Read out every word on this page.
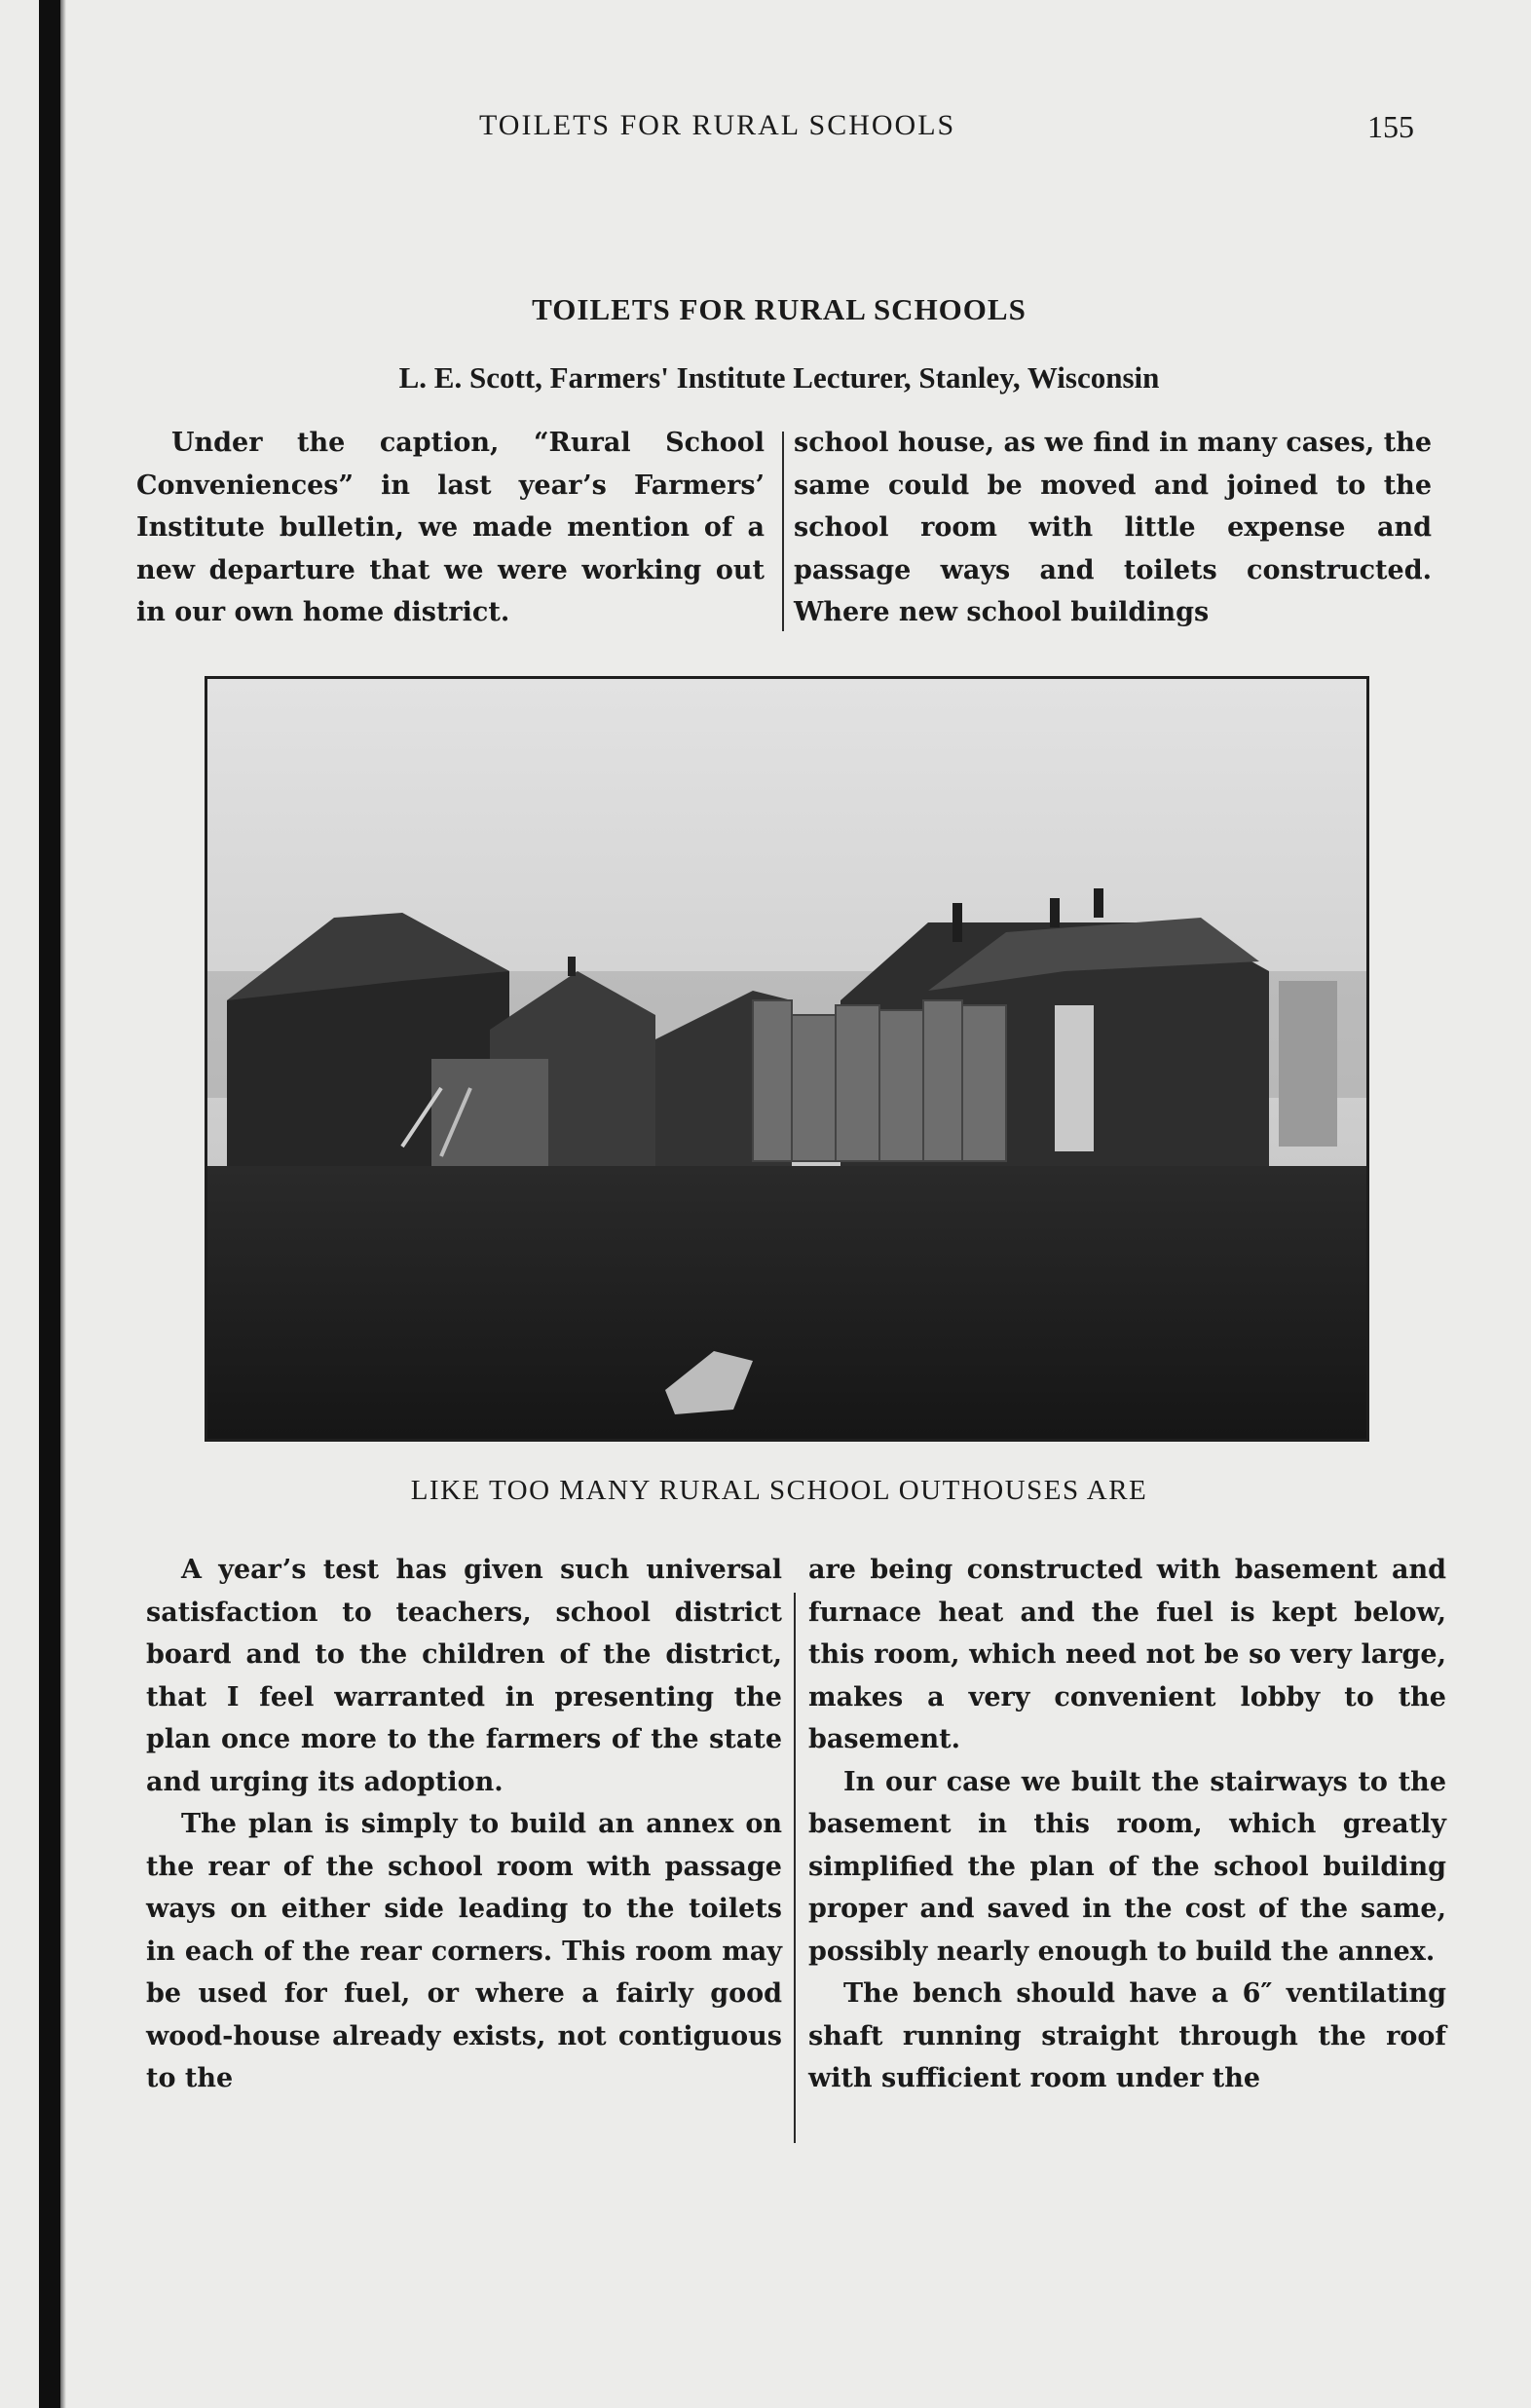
TOILETS FOR RURAL SCHOOLS	155
TOILETS FOR RURAL SCHOOLS
L. E. Scott, Farmers' Institute Lecturer, Stanley, Wisconsin

Under the caption, “Rural School Conveniences” in last year’s Farmers’ Institute bulletin, we made mention of a new departure that we were working out in our own home district.

school house, as we find in many cases, the same could be moved and joined to the school room with little expense and passage ways and toilets constructed. Where new school buildings

LIKE TOO MANY RURAL SCHOOL OUTHOUSES ARE

A year’s test has given such universal satisfaction to teachers, school district board and to the children of the district, that I feel warranted in presenting the plan once more to the farmers of the state and urging its adoption.

The plan is simply to build an annex on the rear of the school room with passage ways on either side leading to the toilets in each of the rear corners. This room may be used for fuel, or where a fairly good wood-house already exists, not contiguous to the

are being constructed with basement and furnace heat and the fuel is kept below, this room, which need not be so very large, makes a very convenient lobby to the basement.

In our case we built the stairways to the basement in this room, which greatly simplified the plan of the school building proper and saved in the cost of the same, possibly nearly enough to build the annex.

The bench should have a 6″ ventilating shaft running straight through the roof with sufficient room under the
